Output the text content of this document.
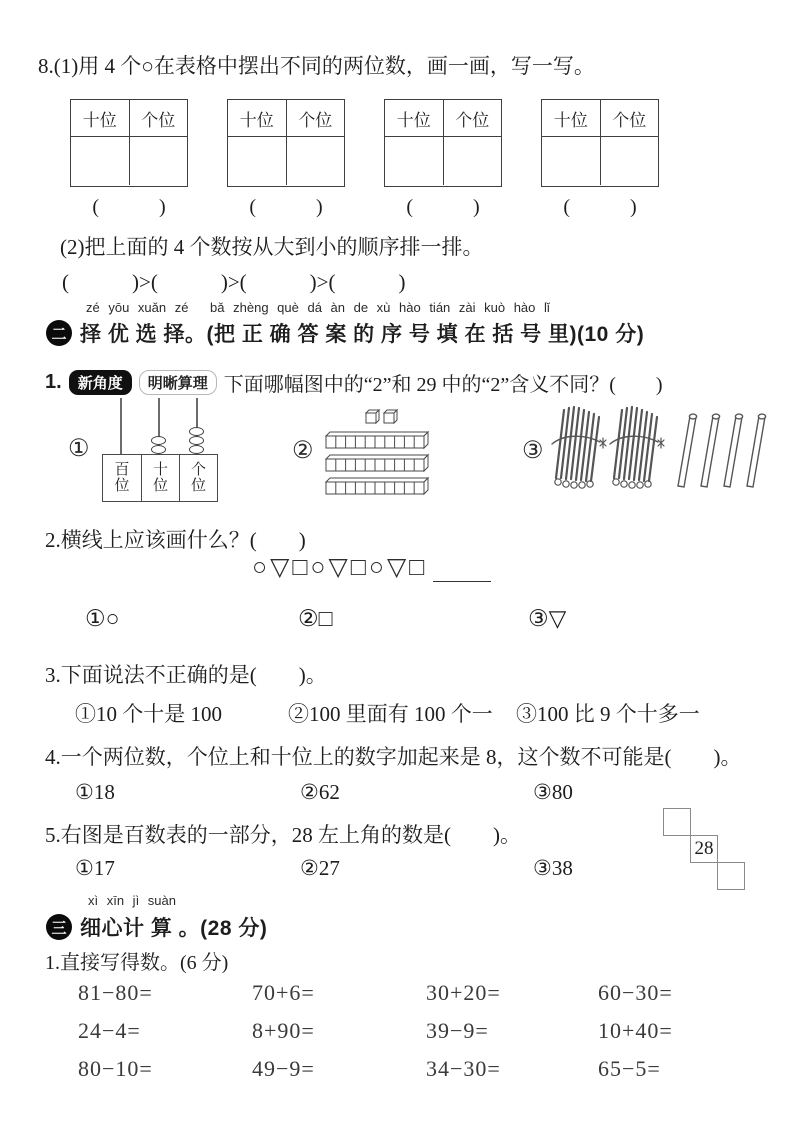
8.(1)用 4 个○在表格中摆出不同的两位数，画一画，写一写。
十位	个位	十位	个位	十位	个位	十位	个位
(　　　)	(　　　)	(　　　)	(　　　)
(2)把上面的 4 个数按从大到小的顺序排一排。
(　　　)>(　　　)>(　　　)>(　　　)
zé yōu xuǎn zé　 bǎ zhèng què dá àn de xù hào tián zài kuò hào lǐ
二 择 优 选 择。(把 正 确 答 案 的 序 号 填 在 括 号 里)(10 分)
1.	新角度	明晰算理 下面哪幅图中的“2”和 29 中的“2”含义不同？(　　)
①
百
位
十
位
个
位
②	③
2.横线上应该画什么？(　　)
○▽□○▽□○▽□
①○	②□	③▽
3.下面说法不正确的是(　　)。
①10 个十是 100	②100 里面有 100 个一 ③100 比 9 个十多一
4.一个两位数，个位上和十位上的数字加起来是 8，这个数不可能是(　　)。
①18	②62	③80
5.右图是百数表的一部分，28 左上角的数是(　　)。
①17	②27	③38
28
xì xīn jì suàn
三 细心计 算 。(28 分)
1.直接写得数。(6 分)
81−80=	70+6=	30+20=	60−30=
24−4=	8+90=	39−9=	10+40=
80−10=	49−9=	34−30=	65−5=
